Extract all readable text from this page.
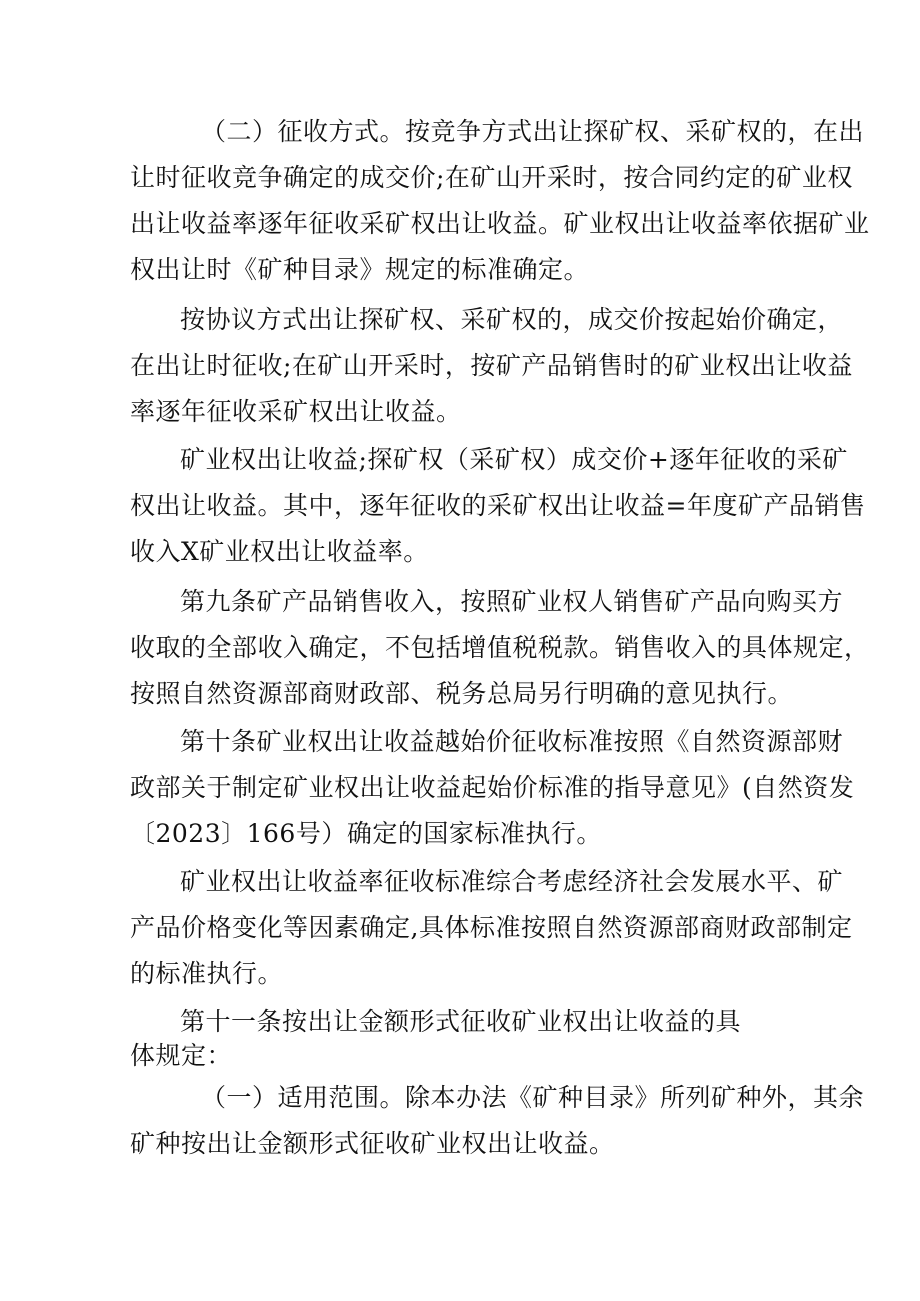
（二）征收方式。按竞争方式出让探矿权、采矿权的，在出
让时征收竞争确定的成交价;在矿山开采时，按合同约定的矿业权
出让收益率逐年征收采矿权出让收益。矿业权出让收益率依据矿业
权出让时《矿种目录》规定的标准确定。
按协议方式出让探矿权、采矿权的，成交价按起始价确定，
在出让时征收;在矿山开采时，按矿产品销售时的矿业权出让收益
率逐年征收采矿权出让收益。
矿业权出让收益;探矿权（采矿权）成交价+逐年征收的采矿
权出让收益。其中，逐年征收的采矿权出让收益=年度矿产品销售
收入X矿业权出让收益率。
第九条矿产品销售收入，按照矿业权人销售矿产品向购买方
收取的全部收入确定，不包括增值税税款。销售收入的具体规定，
按照自然资源部商财政部、税务总局另行明确的意见执行。
第十条矿业权出让收益越始价征收标准按照《自然资源部财
政部关于制定矿业权出让收益起始价标准的指导意见》(自然资发
〔2023〕166号）确定的国家标准执行。
矿业权出让收益率征收标准综合考虑经济社会发展水平、矿
产品价格变化等因素确定,具体标准按照自然资源部商财政部制定
的标准执行。
第十一条按出让金额形式征收矿业权出让收益的具
体规定：
（一）适用范围。除本办法《矿种目录》所列矿种外，其余
矿种按出让金额形式征收矿业权出让收益。
